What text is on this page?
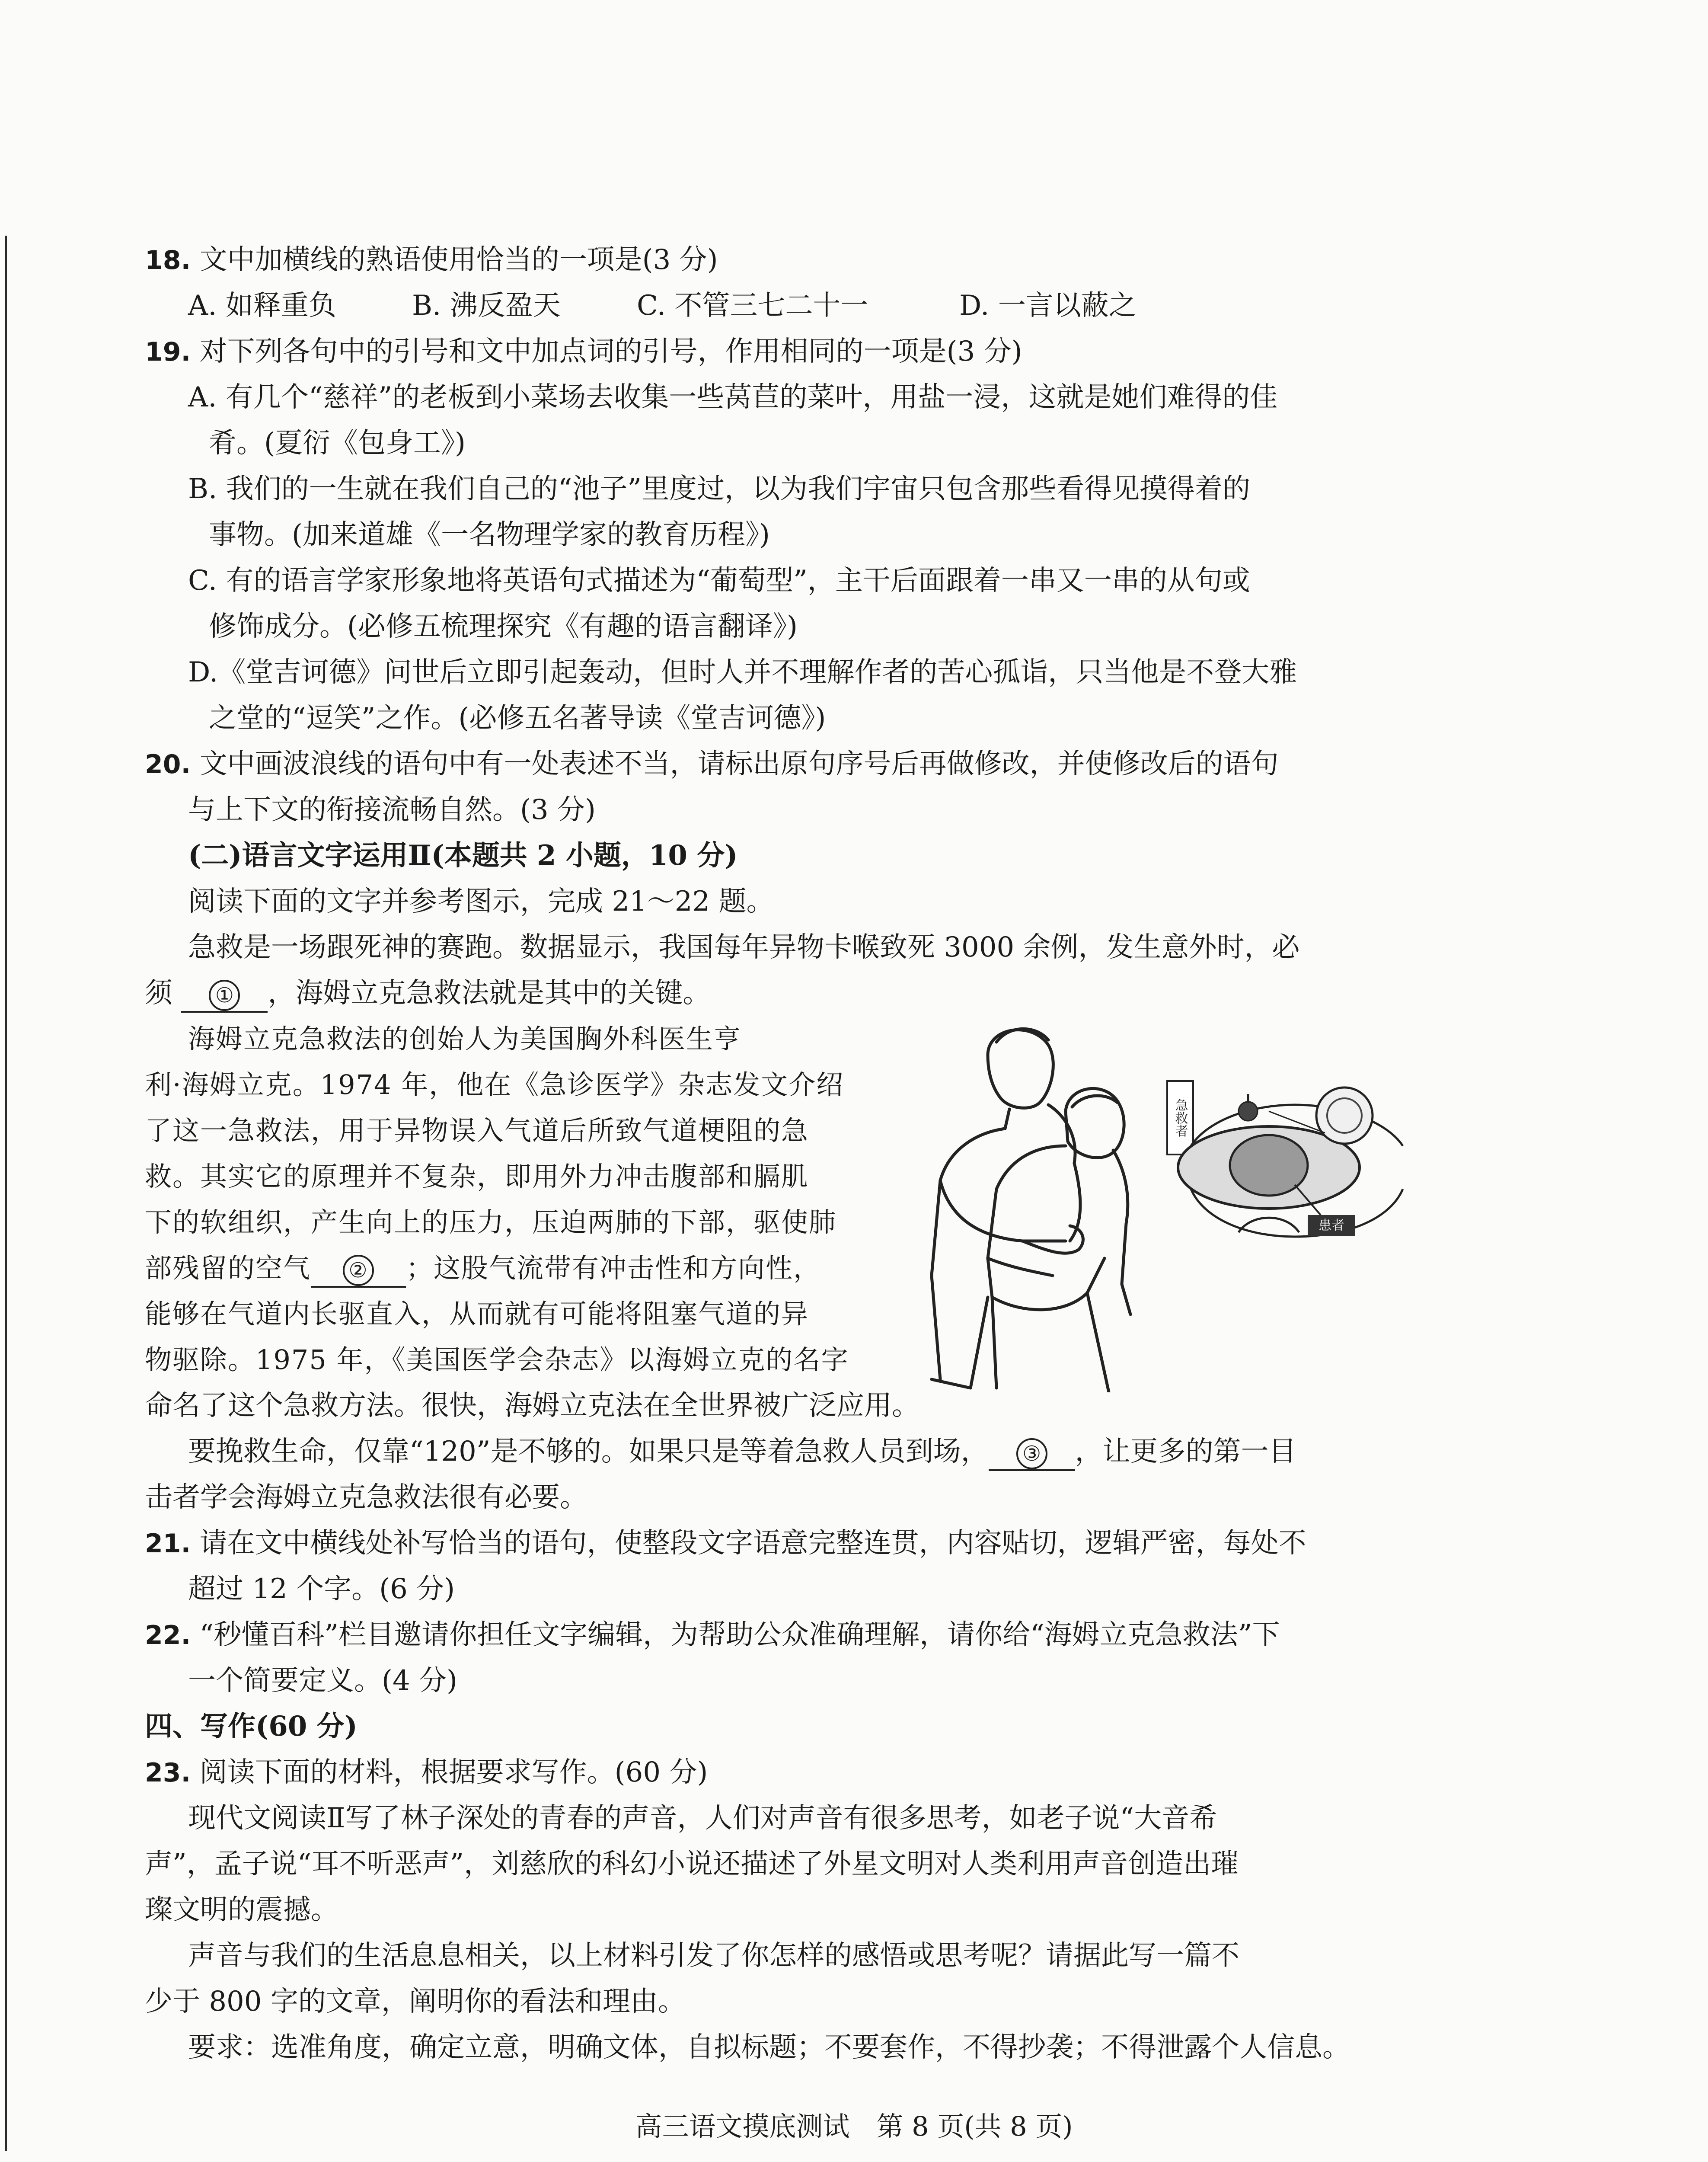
18. 文中加横线的熟语使用恰当的一项是(3 分)
A. 如释重负	B. 沸反盈天	C. 不管三七二十一	D. 一言以蔽之
19. 对下列各句中的引号和文中加点词的引号，作用相同的一项是(3 分)
A. 有几个“慈祥”的老板到小菜场去收集一些莴苣的菜叶，用盐一浸，这就是她们难得的佳
肴。(夏衍《包身工》)
B. 我们的一生就在我们自己的“池子”里度过，以为我们宇宙只包含那些看得见摸得着的
事物。(加来道雄《一名物理学家的教育历程》)
C. 有的语言学家形象地将英语句式描述为“葡萄型”，主干后面跟着一串又一串的从句或
修饰成分。(必修五梳理探究《有趣的语言翻译》)
D.《堂吉诃德》问世后立即引起轰动，但时人并不理解作者的苦心孤诣，只当他是不登大雅
之堂的“逗笑”之作。(必修五名著导读《堂吉诃德》)
20. 文中画波浪线的语句中有一处表述不当，请标出原句序号后再做修改，并使修改后的语句
与上下文的衔接流畅自然。(3 分)
(二)语言文字运用Ⅱ(本题共 2 小题，10 分)
阅读下面的文字并参考图示，完成 21～22 题。
急救是一场跟死神的赛跑。数据显示，我国每年异物卡喉致死 3000 余例，发生意外时，必
须 ① ，海姆立克急救法就是其中的关键。
海姆立克急救法的创始人为美国胸外科医生亨
利·海姆立克。1974 年，他在《急诊医学》杂志发文介绍
了这一急救法，用于异物误入气道后所致气道梗阻的急
救。其实它的原理并不复杂，即用外力冲击腹部和膈肌
下的软组织，产生向上的压力，压迫两肺的下部，驱使肺
部残留的空气 ② ；这股气流带有冲击性和方向性，
能够在气道内长驱直入，从而就有可能将阻塞气道的异
物驱除。1975 年，《美国医学会杂志》以海姆立克的名字
急救者
患者
命名了这个急救方法。很快，海姆立克法在全世界被广泛应用。
要挽救生命，仅靠“120”是不够的。如果只是等着急救人员到场， ③ ，让更多的第一目
击者学会海姆立克急救法很有必要。
21. 请在文中横线处补写恰当的语句，使整段文字语意完整连贯，内容贴切，逻辑严密，每处不
超过 12 个字。(6 分)
22. “秒懂百科”栏目邀请你担任文字编辑，为帮助公众准确理解，请你给“海姆立克急救法”下
一个简要定义。(4 分)
四、写作(60 分)
23. 阅读下面的材料，根据要求写作。(60 分)
现代文阅读Ⅱ写了林子深处的青春的声音，人们对声音有很多思考，如老子说“大音希
声”，孟子说“耳不听恶声”，刘慈欣的科幻小说还描述了外星文明对人类利用声音创造出璀
璨文明的震撼。
声音与我们的生活息息相关，以上材料引发了你怎样的感悟或思考呢？请据此写一篇不
少于 800 字的文章，阐明你的看法和理由。
要求：选准角度，确定立意，明确文体，自拟标题；不要套作，不得抄袭；不得泄露个人信息。
高三语文摸底测试　第 8 页(共 8 页)
